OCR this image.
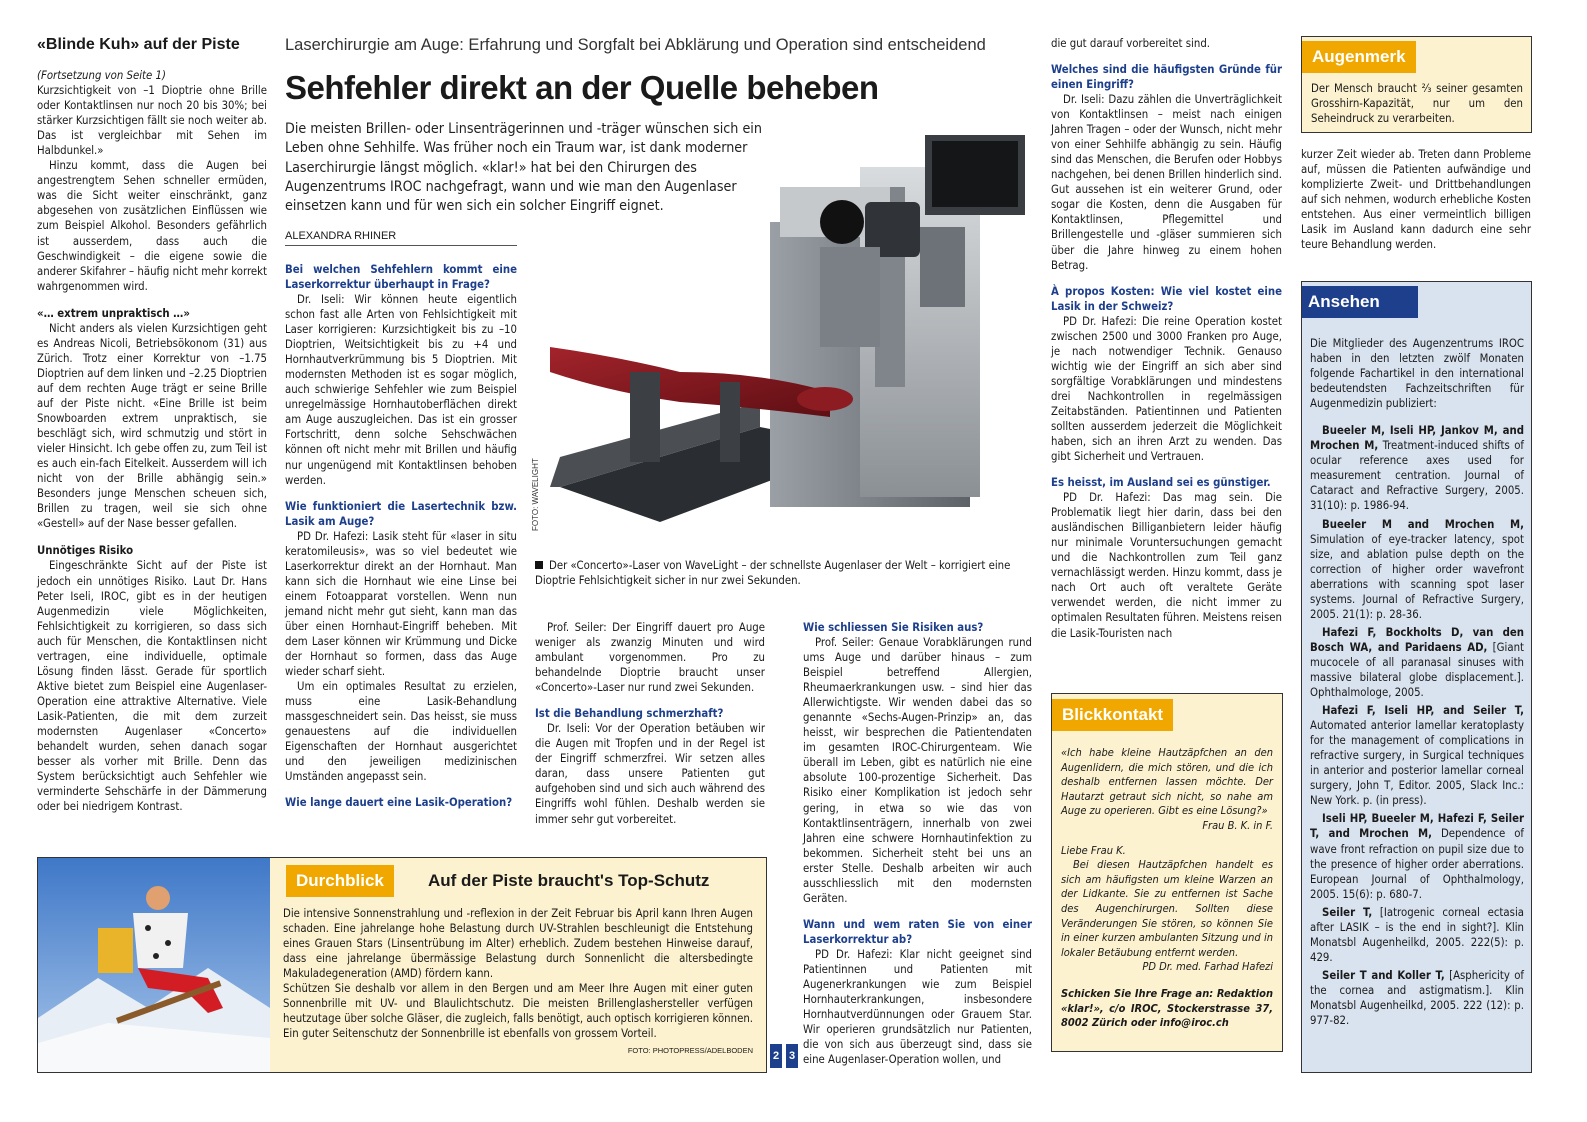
«Blinde Kuh» auf der Piste

(Fortsetzung von Seite 1)

Kurzsichtigkeit von –1 Dioptrie ohne Brille oder Kontaktlinsen nur noch 20 bis 30%; bei stärker Kurzsichtigen fällt sie noch weiter ab. Das ist vergleichbar mit Sehen im Halbdunkel.»

Hinzu kommt, dass die Augen bei angestrengtem Sehen schneller ermüden, was die Sicht weiter einschränkt, ganz abgesehen von zusätzlichen Einflüssen wie zum Beispiel Alkohol. Besonders gefährlich ist ausserdem, dass auch die Geschwindigkeit – die eigene sowie die anderer Skifahrer – häufig nicht mehr korrekt wahrgenommen wird.

«… extrem unpraktisch …»

Nicht anders als vielen Kurzsichtigen geht es Andreas Nicoli, Betriebsökonom (31) aus Zürich. Trotz einer Korrektur von –1.75 Dioptrien auf dem linken und –2.25 Dioptrien auf dem rechten Auge trägt er seine Brille auf der Piste nicht. «Eine Brille ist beim Snowboarden extrem unpraktisch, sie beschlägt sich, wird schmutzig und stört in vieler Hinsicht. Ich gebe offen zu, zum Teil ist es auch ein-fach Eitelkeit. Ausserdem will ich nicht von der Brille abhängig sein.» Besonders junge Menschen scheuen sich, Brillen zu tragen, weil sie sich ohne «Gestell» auf der Nase besser gefallen.

Unnötiges Risiko

Eingeschränkte Sicht auf der Piste ist jedoch ein unnötiges Risiko. Laut Dr. Hans Peter Iseli, IROC, gibt es in der heutigen Augenmedizin viele Möglichkeiten, Fehlsichtigkeit zu korrigieren, so dass sich auch für Menschen, die Kontaktlinsen nicht vertragen, eine individuelle, optimale Lösung finden lässt. Gerade für sportlich Aktive bietet zum Beispiel eine Augenlaser-Operation eine attraktive Alternative. Viele Lasik-Patienten, die mit dem zurzeit modernsten Augenlaser «Concerto» behandelt wurden, sehen danach sogar besser als vorher mit Brille. Denn das System berücksichtigt auch Sehfehler wie verminderte Sehschärfe in der Dämmerung oder bei niedrigem Kontrast.

Laserchirurgie am Auge: Erfahrung und Sorgfalt bei Abklärung und Operation sind entscheidend
Sehfehler direkt an der Quelle beheben
Die meisten Brillen- oder Linsenträgerinnen und -träger wünschen sich ein Leben ohne Sehhilfe. Was früher noch ein Traum war, ist dank moderner Laserchirurgie längst möglich. «klar!» hat bei den Chirurgen des Augenzentrums IROC nachgefragt, wann und wie man den Augenlaser einsetzen kann und für wen sich ein solcher Eingriff eignet.
ALEXANDRA RHINER
FOTO: WAVELIGHT
Der «Concerto»-Laser von WaveLight – der schnellste Augenlaser der Welt – korrigiert eine Dioptrie Fehlsichtigkeit sicher in nur zwei Sekunden.
Bei welchen Sehfehlern kommt eine Laserkorrektur überhaupt in Frage?

Dr. Iseli: Wir können heute eigentlich schon fast alle Arten von Fehlsichtigkeit mit Laser korrigieren: Kurzsichtigkeit bis zu –10 Dioptrien, Weitsichtigkeit bis zu +4 und Hornhautverkrümmung bis 5 Dioptrien. Mit modernsten Methoden ist es sogar möglich, auch schwierige Sehfehler wie zum Beispiel unregelmässige Hornhautoberflächen direkt am Auge auszugleichen. Das ist ein grosser Fortschritt, denn solche Sehschwächen können oft nicht mehr mit Brillen und häufig nur ungenügend mit Kontaktlinsen behoben werden.

Wie funktioniert die Lasertechnik bzw. Lasik am Auge?

PD Dr. Hafezi: Lasik steht für «laser in situ keratomileusis», was so viel bedeutet wie Laserkorrektur direkt an der Hornhaut. Man kann sich die Hornhaut wie eine Linse bei einem Fotoapparat vorstellen. Wenn nun jemand nicht mehr gut sieht, kann man das über einen Hornhaut-Eingriff beheben. Mit dem Laser können wir Krümmung und Dicke der Hornhaut so formen, dass das Auge wieder scharf sieht.

Um ein optimales Resultat zu erzielen, muss eine Lasik-Behandlung massgeschneidert sein. Das heisst, sie muss genauestens auf die individuellen Eigenschaften der Hornhaut ausgerichtet und den jeweiligen medizinischen Umständen angepasst sein.

Wie lange dauert eine Lasik-Operation?

Prof. Seiler: Der Eingriff dauert pro Auge weniger als zwanzig Minuten und wird ambulant vorgenommen. Pro zu behandelnde Dioptrie braucht unser «Concerto»-Laser nur rund zwei Sekunden.

Ist die Behandlung schmerzhaft?

Dr. Iseli: Vor der Operation betäuben wir die Augen mit Tropfen und in der Regel ist der Eingriff schmerzfrei. Wir setzen alles daran, dass unsere Patienten gut aufgehoben sind und sich auch während des Eingriffs wohl fühlen. Deshalb werden sie immer sehr gut vorbereitet.

Wie schliessen Sie Risiken aus?

Prof. Seiler: Genaue Vorabklärungen rund ums Auge und darüber hinaus – zum Beispiel betreffend Allergien, Rheumaerkrankungen usw. – sind hier das Allerwichtigste. Wir wenden dabei das so genannte «Sechs-Augen-Prinzip» an, das heisst, wir besprechen die Patientendaten im gesamten IROC-Chirurgenteam. Wie überall im Leben, gibt es natürlich nie eine absolute 100-prozentige Sicherheit. Das Risiko einer Komplikation ist jedoch sehr gering, in etwa so wie das von Kontaktlinsenträgern, innerhalb von zwei Jahren eine schwere Hornhautinfektion zu bekommen. Sicherheit steht bei uns an erster Stelle. Deshalb arbeiten wir auch ausschliesslich mit den modernsten Geräten.

Wann und wem raten Sie von einer Laserkorrektur ab?

PD Dr. Hafezi: Klar nicht geeignet sind Patientinnen und Patienten mit Augenerkrankungen wie zum Beispiel Hornhauterkrankungen, insbesondere Hornhautverdünnungen oder Grauem Star. Wir operieren grundsätzlich nur Patienten, die von sich aus überzeugt sind, dass sie eine Augenlaser-Operation wollen, und

die gut darauf vorbereitet sind.

Welches sind die häufigsten Gründe für einen Eingriff?

Dr. Iseli: Dazu zählen die Unverträglichkeit von Kontaktlinsen – meist nach einigen Jahren Tragen – oder der Wunsch, nicht mehr von einer Sehhilfe abhängig zu sein. Häufig sind das Menschen, die Berufen oder Hobbys nachgehen, bei denen Brillen hinderlich sind. Gut aussehen ist ein weiterer Grund, oder sogar die Kosten, denn die Ausgaben für Kontaktlinsen, Pflegemittel und Brillengestelle und -gläser summieren sich über die Jahre hinweg zu einem hohen Betrag.

À propos Kosten: Wie viel kostet eine Lasik in der Schweiz?

PD Dr. Hafezi: Die reine Operation kostet zwischen 2500 und 3000 Franken pro Auge, je nach notwendiger Technik. Genauso wichtig wie der Eingriff an sich aber sind sorgfältige Vorabklärungen und mindestens drei Nachkontrollen in regelmässigen Zeitabständen. Patientinnen und Patienten sollten ausserdem jederzeit die Möglichkeit haben, sich an ihren Arzt zu wenden. Das gibt Sicherheit und Vertrauen.

Es heisst, im Ausland sei es günstiger.

PD Dr. Hafezi: Das mag sein. Die Problematik liegt hier darin, dass bei den ausländischen Billiganbietern leider häufig nur minimale Voruntersuchungen gemacht und die Nachkontrollen zum Teil ganz vernachlässigt werden. Hinzu kommt, dass je nach Ort auch oft veraltete Geräte verwendet werden, die nicht immer zu optimalen Resultaten führen. Meistens reisen die Lasik-Touristen nach

Blickkontakt

«Ich habe kleine Hautzäpfchen an den Augenlidern, die mich stören, und die ich deshalb entfernen lassen möchte. Der Hautarzt getraut sich nicht, so nahe am Auge zu operieren. Gibt es eine Lösung?»

Frau B. K. in F.

Liebe Frau K.

Bei diesen Hautzäpfchen handelt es sich am häufigsten um kleine Warzen an der Lidkante. Sie zu entfernen ist Sache des Augenchirurgen. Sollten diese Veränderungen Sie stören, so können Sie in einer kurzen ambulanten Sitzung und in lokaler Betäubung entfernt werden.

PD Dr. med. Farhad Hafezi

Schicken Sie Ihre Frage an: Redaktion «klar!», c/o IROC, Stockerstrasse 37, 8002 Zürich oder info@iroc.ch

Augenmerk
Der Mensch braucht ²⁄₃ seiner gesamten Grosshirn-Kapazität, nur um den Seheindruck zu verarbeiten.

kurzer Zeit wieder ab. Treten dann Probleme auf, müssen die Patienten aufwändige und komplizierte Zweit- und Drittbehandlungen auf sich nehmen, wodurch erhebliche Kosten entstehen. Aus einer vermeintlich billigen Lasik im Ausland kann dadurch eine sehr teure Behandlung werden.

Ansehen

Die Mitglieder des Augenzentrums IROC haben in den letzten zwölf Monaten folgende Fachartikel in den international bedeutendsten Fachzeitschriften für Augenmedizin publiziert:

Bueeler M, Iseli HP, Jankov M, and Mrochen M, Treatment-induced shifts of ocular reference axes used for measurement centration. Journal of Cataract and Refractive Surgery, 2005. 31(10): p. 1986-94.

Bueeler M and Mrochen M, Simulation of eye-tracker latency, spot size, and ablation pulse depth on the correction of higher order wavefront aberrations with scanning spot laser systems. Journal of Refractive Surgery, 2005. 21(1): p. 28-36.

Hafezi F, Bockholts D, van den Bosch WA, and Paridaens AD, [Giant mucocele of all paranasal sinuses with massive bilateral globe displacement.]. Ophthalmologe, 2005.

Hafezi F, Iseli HP, and Seiler T, Automated anterior lamellar keratoplasty for the management of complications in refractive surgery, in Surgical techniques in anterior and posterior lamellar corneal surgery, John T, Editor. 2005, Slack Inc.: New York. p. (in press).

Iseli HP, Bueeler M, Hafezi F, Seiler T, and Mrochen M, Dependence of wave front refraction on pupil size due to the presence of higher order aberrations. European Journal of Ophthalmology, 2005. 15(6): p. 680-7.

Seiler T, [Iatrogenic corneal ectasia after LASIK – is the end in sight?]. Klin Monatsbl Augenheilkd, 2005. 222(5): p. 429.

Seiler T and Koller T, [Asphericity of the cornea and astigmatism.]. Klin Monatsbl Augenheilkd, 2005. 222 (12): p. 977-82.

Durchblick	Auf der Piste braucht's Top-Schutz
Die intensive Sonnenstrahlung und -reflexion in der Zeit Februar bis April kann Ihren Augen schaden. Eine jahrelange hohe Belastung durch UV-Strahlen beschleunigt die Entstehung eines Grauen Stars (Linsentrübung im Alter) erheblich. Zudem bestehen Hinweise darauf, dass eine jahrelange übermässige Belastung durch Sonnenlicht die altersbedingte Makuladegeneration (AMD) fördern kann.
Schützen Sie deshalb vor allem in den Bergen und am Meer Ihre Augen mit einer guten Sonnenbrille mit UV- und Blaulichtschutz. Die meisten Brillenglashersteller verfügen heutzutage über solche Gläser, die zugleich, falls benötigt, auch optisch korrigieren können. Ein guter Seitenschutz der Sonnenbrille ist ebenfalls von grossem Vorteil.
FOTO: PHOTOPRESS/ADELBODEN 2 3
